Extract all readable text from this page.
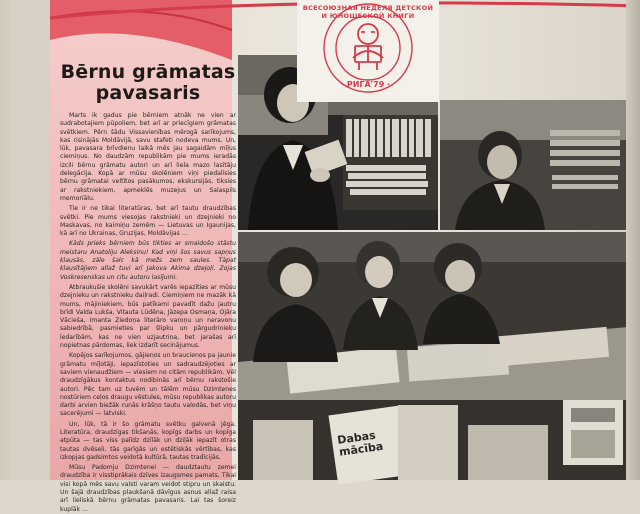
Bērnu grāmatas
pavasaris

Marts ik gadus pie bērniem atnāk ne vien ar sudrabotajiem pūpoliem, bet arī ar priecīgiem grāmatas svētkiem. Pērn šādu Vissavienības mērogā sarīkojums, kas risinājās Moldāvijā, savu stafeti nodeva mums. Un, lūk, pavasara brīvdienu laikā mēs jau sagaidām mīļus ciemiņus. No daudzām republikām pie mums ieradās izcili bērnu grāmatu autori un arī liela mazo lasītāju delegācija. Kopā ar mūsu skolēniem viņi piedalīsies bērnu grāmatai veltītos pasākumos, ekskursijās, tiksies ar rakstniekiem, apmeklēs muzejus un Salaspils memoriālu.

Tie ir ne tikai literatūras, bet arī tautu draudzības svētki. Pie mums viesojas rakstnieki un dzejnieki no Maskavas, no kaimiņu zemēm — Lietuvas un Igaunijas, kā arī no Ukrainas, Gruzijas, Moldāvijas …

Kāds prieks bērniem būs tikties ar smaidošo stāstu meistaru Anatoliju Aleksinu! Kad viņi šos savus sapņus klausās, zāle šalc kā mežs zem saules. Tāpat klausītājiem allaž tuvi arī Jakova Akima dzejoļi. Zojas Voskresenskas un citu autoru lasījumi.

Atbraukušie skolēni savukārt varēs iepazīties ar mūsu dzejnieku un rakstnieku daiļradi. Ciemiņiem ne mazāk kā mums, mājiniekiem, būs patīkami pavadīt dažu jautru brīdi Valda Lukša, Vitauta Lūdēna, Jāzepa Osmaņa, Ojāra Vācieša, Imanta Ziedoņa literāro varoņu un neravonu sabiedrībā, pasmieties par šlipku un pārgudrinieku īedarībām, kas ne vien uzjautrina, bet jarašas arī nopietnas pārdomas, liek izdarīt secinājumus.

Kopējos sarīkojumos, gājienos un braucienos pa jaunie grāmatu mīļotāji, iepazīstoties un sadraudzējoties ar saviem vienaudžiem — viesiem no citām republikām. Vēl draudzīgākus kontaktus nodibinās arī bērnu rakstošie autori. Pēc tam uz tuvēm un tālēm mūsu Dzimtenes nostūriem ceļos draugu vēstules, mūsu republikas autoru darbi arvien biežāk runās krāšņo tautu valodās, bet viņu sacerējumi — latviski.

Un, lūk, tā ir šo grāmatu svētku galvenā jēga. Literatūra, draudzīgas tikšanās, kopīgs darbs un kopīga atpūta — tas viss palīdz dzīlāk un dziļāk iepazīt otras tautas dvēseli, tās garīgās un estētiskās vērtības, kas izkopjas gadsimtos veidotā kultūrā, tautas tradīcijās.

Mūsu Padomju Dzimtenei — daudztautu zemei draudzība ir visstiprākais dzīves izaugsmes pamats. Tikai visi kopā mēs savu valsti varam veidot stipru un skaistu. Un šajā draudzības plaukšanā dāvīgus asnus allaž raisa arī lieliskā bērnu grāmatas pavasaris. Lai tas šoreiz kuplāk …

Dabas mācība
· РИГА'79 ·
ВСЕСОЮЗНАЯ НЕДЕЛЯ ДЕТСКОЙ И ЮНОШЕСКОЙ КНИГИ
